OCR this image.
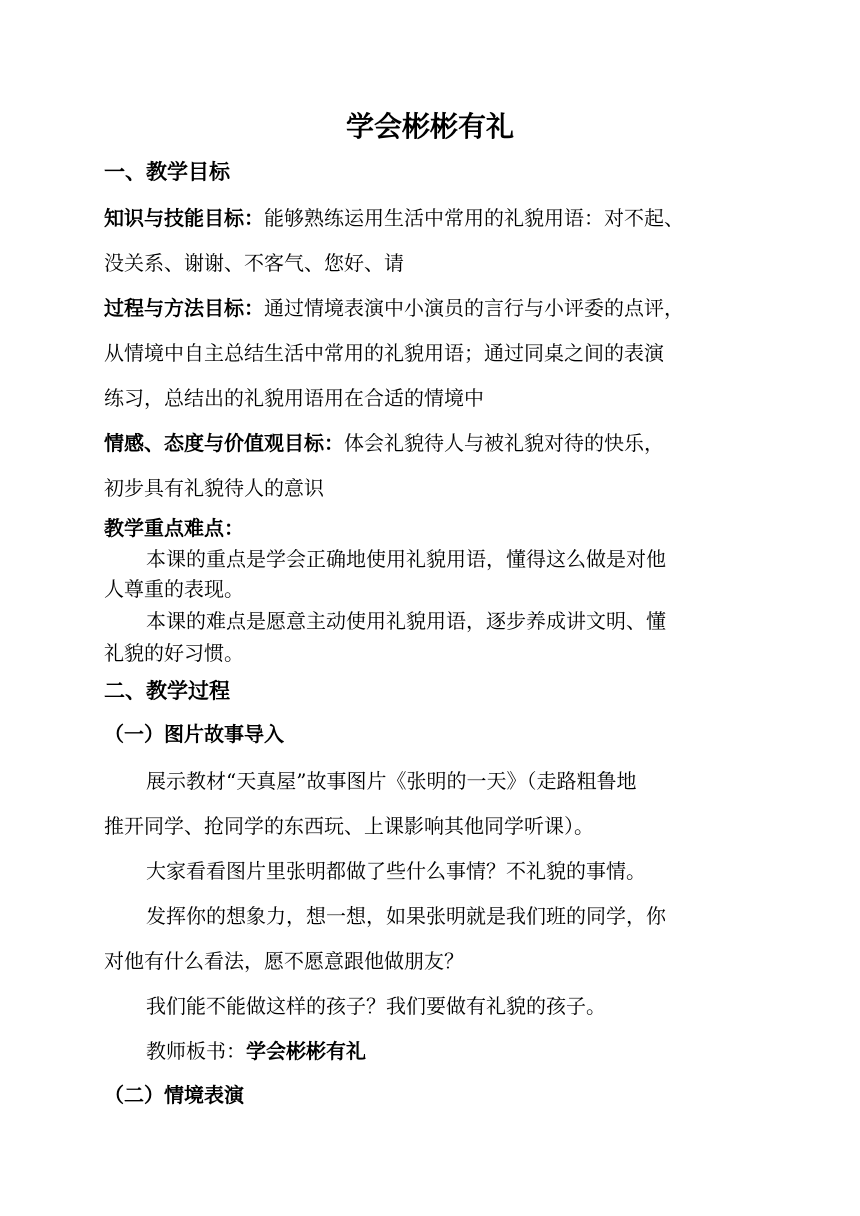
学会彬彬有礼
一、教学目标
知识与技能目标：能够熟练运用生活中常用的礼貌用语：对不起、
没关系、谢谢、不客气、您好、请
过程与方法目标：通过情境表演中小演员的言行与小评委的点评，
从情境中自主总结生活中常用的礼貌用语；通过同桌之间的表演
练习，总结出的礼貌用语用在合适的情境中
情感、态度与价值观目标：体会礼貌待人与被礼貌对待的快乐，
初步具有礼貌待人的意识
教学重点难点：
本课的重点是学会正确地使用礼貌用语，懂得这么做是对他
人尊重的表现。
本课的难点是愿意主动使用礼貌用语，逐步养成讲文明、懂
礼貌的好习惯。
二、教学过程
（一）图片故事导入
展示教材“天真屋”故事图片《张明的一天》（走路粗鲁地
推开同学、抢同学的东西玩、上课影响其他同学听课）。
大家看看图片里张明都做了些什么事情？不礼貌的事情。
发挥你的想象力，想一想，如果张明就是我们班的同学，你
对他有什么看法，愿不愿意跟他做朋友？
我们能不能做这样的孩子？我们要做有礼貌的孩子。
教师板书：学会彬彬有礼
（二）情境表演
